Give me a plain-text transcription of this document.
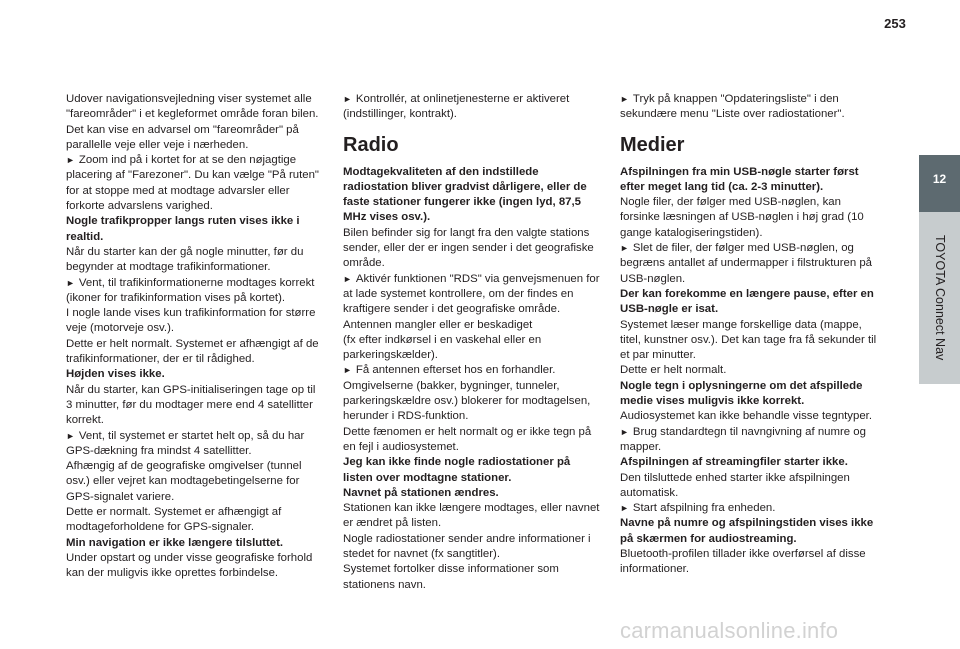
253

Udover navigationsvejledning viser systemet alle "fareområder" i et kegleformet område foran bilen. Det kan vise en advarsel om "fareområder" på parallelle veje eller veje i nærheden.

► Zoom ind på i kortet for at se den nøjagtige placering af "Farezoner". Du kan vælge "På ruten" for at stoppe med at modtage advarsler eller forkorte advarslens varighed.

Nogle trafikpropper langs ruten vises ikke i realtid.

Når du starter kan der gå nogle minutter, før du begynder at modtage trafikinformationer.

► Vent, til trafikinformationerne modtages korrekt (ikoner for trafikinformation vises på kortet).

I nogle lande vises kun trafikinformation for større veje (motorveje osv.).

Dette er helt normalt. Systemet er afhængigt af de trafikinformationer, der er til rådighed.

Højden vises ikke.

Når du starter, kan GPS-initialiseringen tage op til 3 minutter, før du modtager mere end 4 satellitter korrekt.

► Vent, til systemet er startet helt op, så du har GPS-dækning fra mindst 4 satellitter.

Afhængig af de geografiske omgivelser (tunnel osv.) eller vejret kan modtagebetingelserne for GPS-signalet variere.

Dette er normalt. Systemet er afhængigt af modtageforholdene for GPS-signaler.

Min navigation er ikke længere tilsluttet.

Under opstart og under visse geografiske forhold kan der muligvis ikke oprettes forbindelse.

► Kontrollér, at onlinetjenesterne er aktiveret (indstillinger, kontrakt).

Radio

Modtagekvaliteten af den indstillede radiostation bliver gradvist dårligere, eller de faste stationer fungerer ikke (ingen lyd, 87,5 MHz vises osv.).

Bilen befinder sig for langt fra den valgte stations sender, eller der er ingen sender i det geografiske område.

► Aktivér funktionen "RDS" via genvejsmenuen for at lade systemet kontrollere, om der findes en kraftigere sender i det geografiske område.

Antennen mangler eller er beskadiget

(fx efter indkørsel i en vaskehal eller en parkeringskælder).

► Få antennen efterset hos en forhandler.

Omgivelserne (bakker, bygninger, tunneler, parkeringskældre osv.) blokerer for modtagelsen, herunder i RDS-funktion.

Dette fænomen er helt normalt og er ikke tegn på en fejl i audiosystemet.

Jeg kan ikke finde nogle radiostationer på listen over modtagne stationer.

Navnet på stationen ændres.

Stationen kan ikke længere modtages, eller navnet er ændret på listen.

Nogle radiostationer sender andre informationer i stedet for navnet (fx sangtitler).

Systemet fortolker disse informationer som stationens navn.

► Tryk på knappen "Opdateringsliste" i den sekundære menu "Liste over radiostationer".

Medier

Afspilningen fra min USB-nøgle starter først efter meget lang tid (ca. 2-3 minutter).

Nogle filer, der følger med USB-nøglen, kan forsinke læsningen af USB-nøglen i høj grad (10 gange katalogiseringstiden).

► Slet de filer, der følger med USB-nøglen, og begræns antallet af undermapper i filstrukturen på USB-nøglen.

Der kan forekomme en længere pause, efter en USB-nøgle er isat.

Systemet læser mange forskellige data (mappe, titel, kunstner osv.). Det kan tage fra få sekunder til et par minutter.

Dette er helt normalt.

Nogle tegn i oplysningerne om det afspillede medie vises muligvis ikke korrekt.

Audiosystemet kan ikke behandle visse tegntyper.

► Brug standardtegn til navngivning af numre og mapper.

Afspilningen af streamingfiler starter ikke.

Den tilsluttede enhed starter ikke afspilningen automatisk.

► Start afspilning fra enheden.

Navne på numre og afspilningstiden vises ikke på skærmen for audiostreaming.

Bluetooth-profilen tillader ikke overførsel af disse informationer.

12
TOYOTA Connect Nav
carmanualsonline.info
